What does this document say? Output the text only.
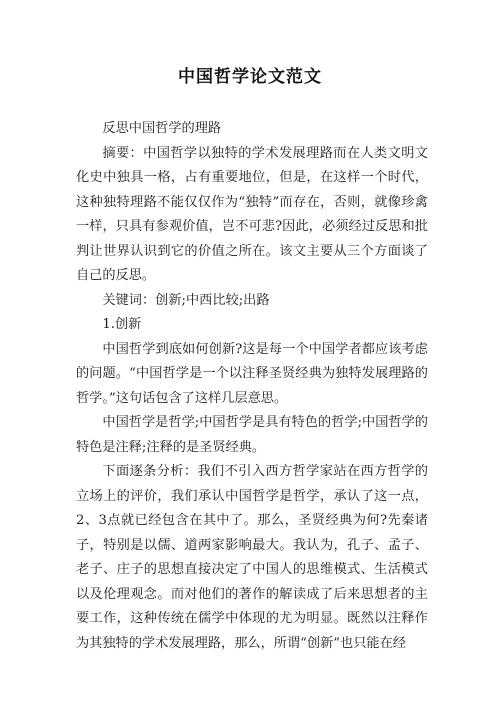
中国哲学论文范文

反思中国哲学的理路

摘要：中国哲学以独特的学术发展理路而在人类文明文化史中独具一格，占有重要地位，但是，在这样一个时代，这种独特理路不能仅仅作为“独特”而存在，否则，就像珍禽一样，只具有参观价值，岂不可悲?因此，必须经过反思和批判让世界认识到它的价值之所在。该文主要从三个方面谈了自己的反思。

关键词：创新;中西比较;出路

1.创新

中国哲学到底如何创新?这是每一个中国学者都应该考虑的问题。“中国哲学是一个以注释圣贤经典为独特发展理路的哲学。”这句话包含了这样几层意思。

中国哲学是哲学;中国哲学是具有特色的哲学;中国哲学的特色是注释;注释的是圣贤经典。

下面逐条分析：我们不引入西方哲学家站在西方哲学的立场上的评价，我们承认中国哲学是哲学，承认了这一点，2、3点就已经包含在其中了。那么，圣贤经典为何?先秦诸子，特别是以儒、道两家影响最大。我认为，孔子、孟子、老子、庄子的思想直接决定了中国人的思维模式、生活模式以及伦理观念。而对他们的著作的解读成了后来思想者的主要工作，这种传统在儒学中体现的尤为明显。既然以注释作为其独特的学术发展理路，那么，所谓“创新”也只能在经
